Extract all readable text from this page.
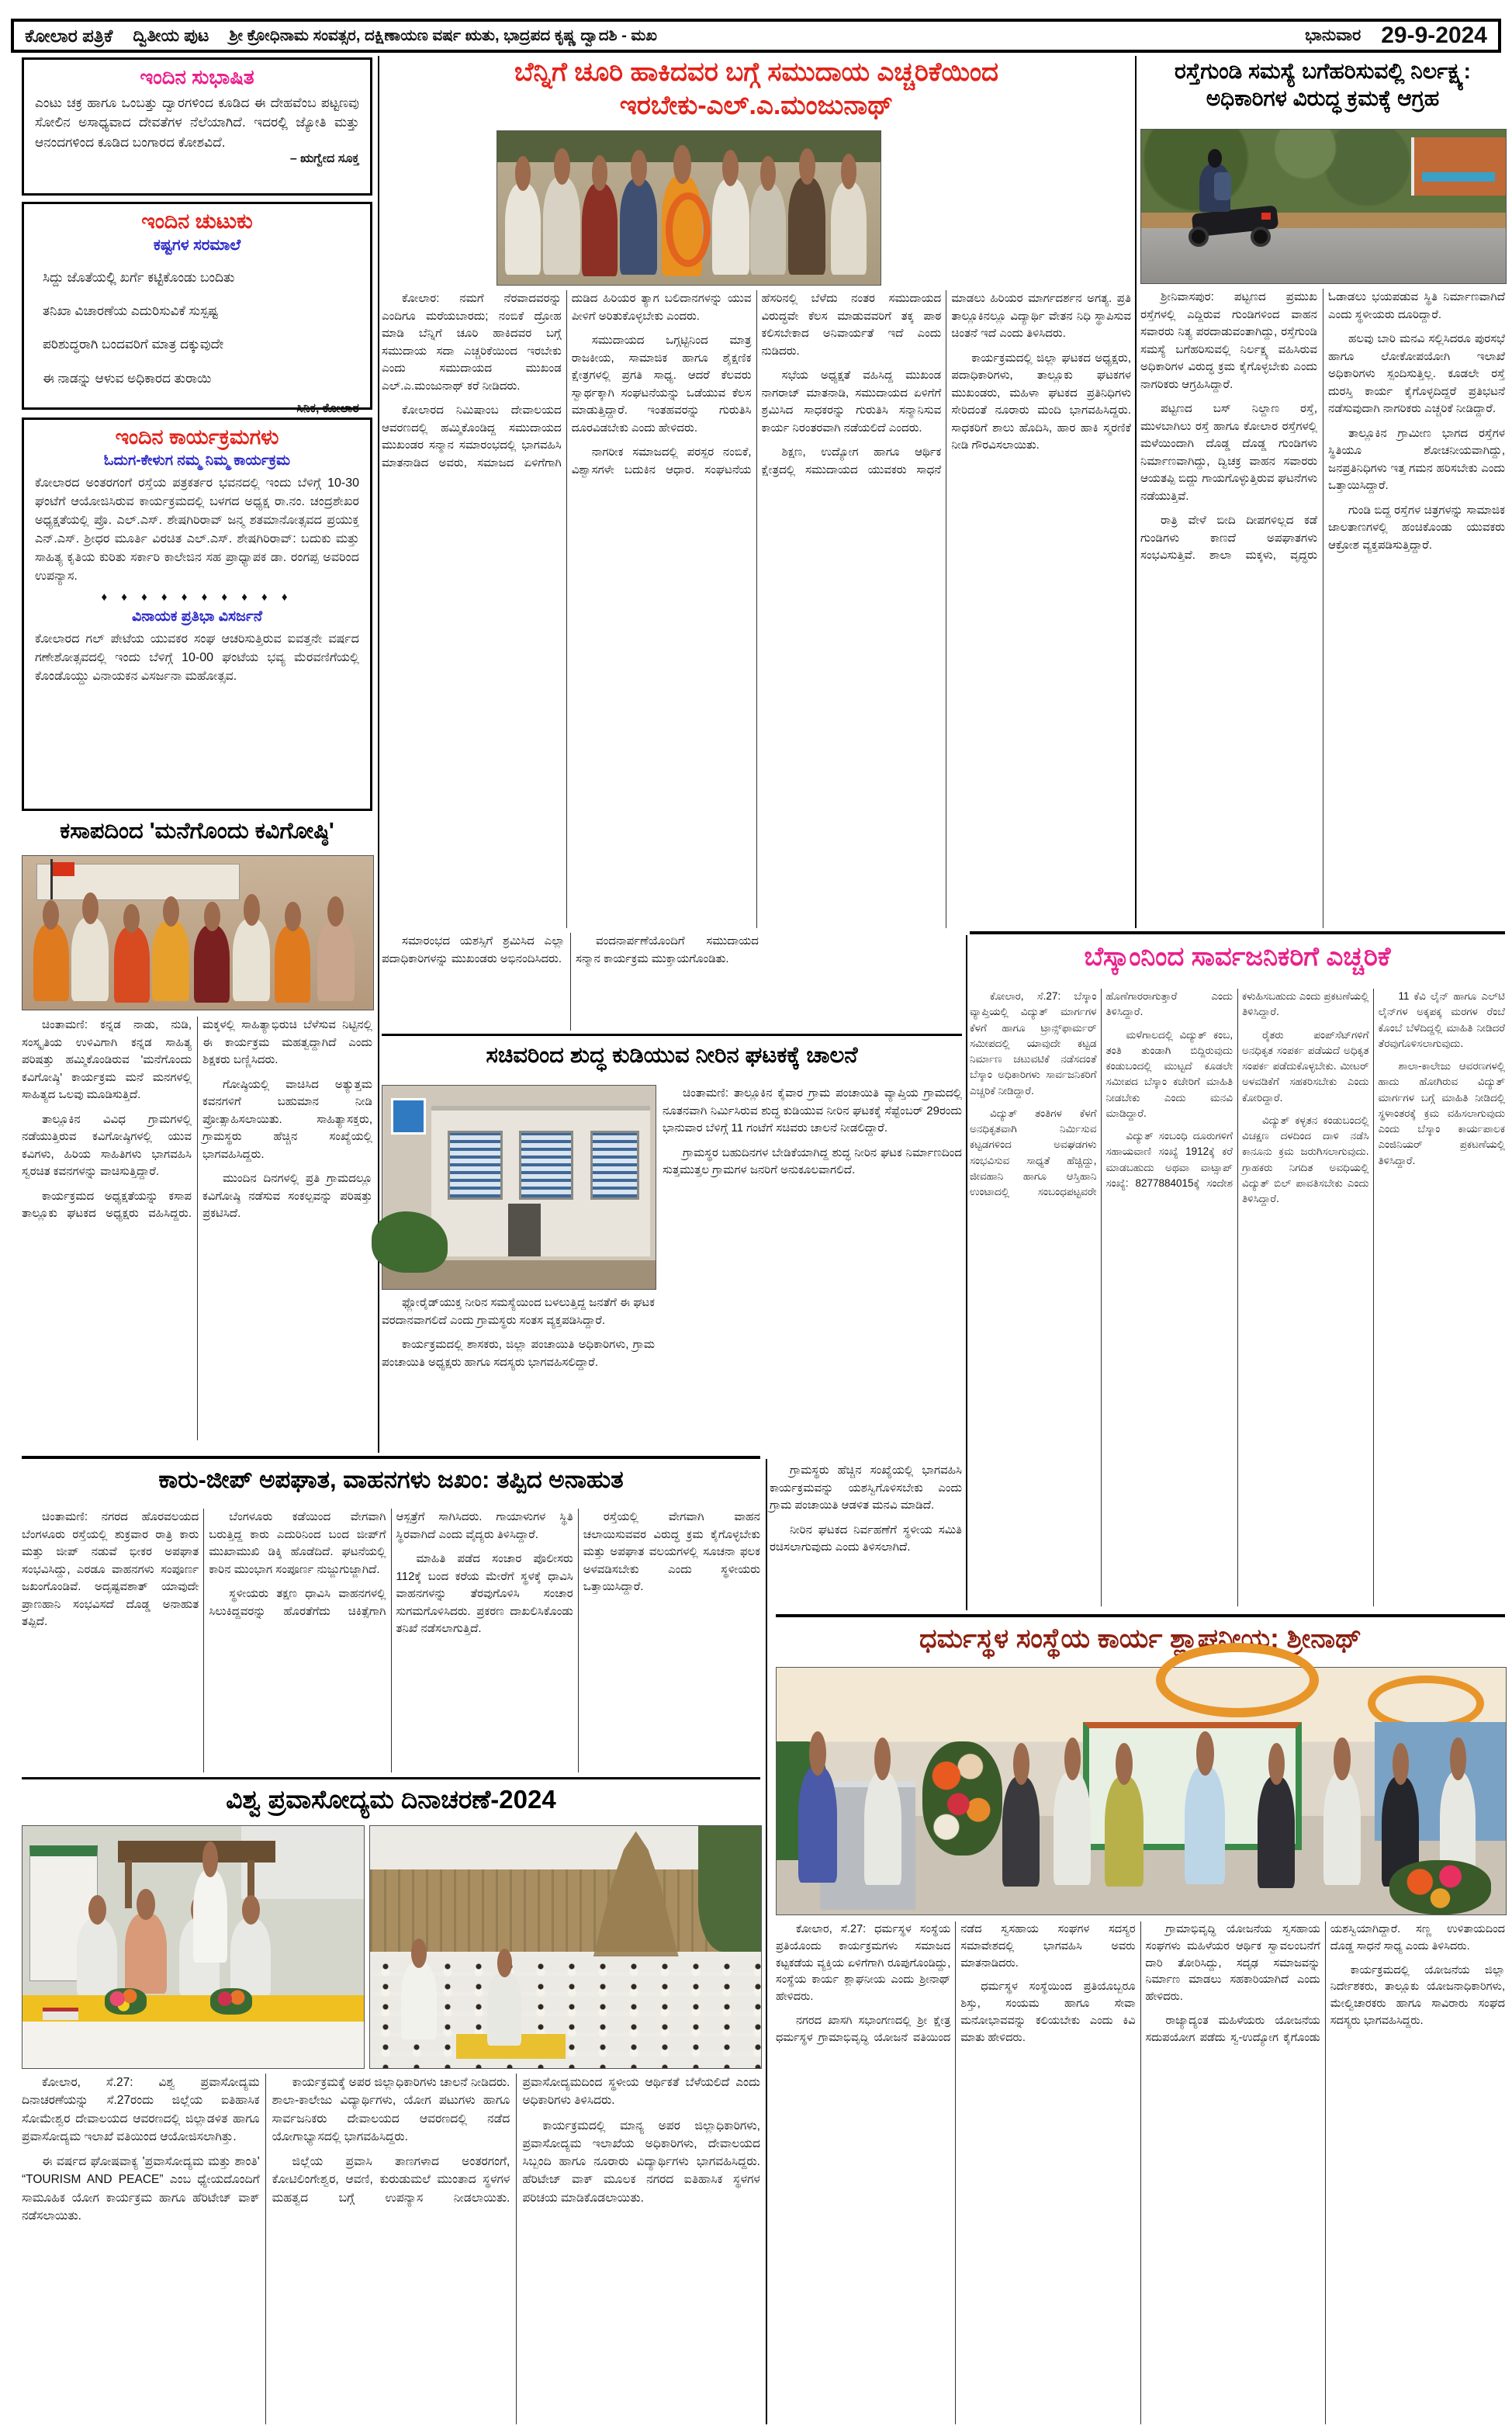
ಕೋಲಾರ ಪತ್ರಿಕೆ ದ್ವಿತೀಯ ಪುಟ ಶ್ರೀ ಕ್ರೋಧಿನಾಮ ಸಂವತ್ಸರ, ದಕ್ಷಿಣಾಯಣ ವರ್ಷ ಋತು, ಭಾದ್ರಪದ ಕೃಷ್ಣ ದ್ವಾದಶಿ - ಮಖ	ಭಾನುವಾರ 29-9-2024
ಇಂದಿನ ಸುಭಾಷಿತ
ಎಂಟು ಚಕ್ರ ಹಾಗೂ ಒಂಬತ್ತು ದ್ವಾರಗಳಿಂದ ಕೂಡಿದ ಈ ದೇಹವೆಂಬ ಪಟ್ಟಣವು ಸೋಲಿನ ಅಸಾಧ್ಯವಾದ ದೇವತೆಗಳ ನೆಲೆಯಾಗಿದೆ. ಇದರಲ್ಲಿ ಜ್ಯೋತಿ ಮತ್ತು ಆನಂದಗಳಿಂದ ಕೂಡಿದ ಬಂಗಾರದ ಕೋಶವಿದೆ.
– ಋಗ್ವೇದ ಸೂಕ್ತ
ಇಂದಿನ ಚುಟುಕು
ಕಷ್ಟಗಳ ಸರಮಾಲೆ

ಸಿದ್ದು ಜೊತೆಯಲ್ಲಿ ಖರ್ಗೆ ಕಟ್ಟಿಕೊಂಡು ಬಂದಿತು

ತನಿಖಾ ವಿಚಾರಣೆಯ ಎದುರಿಸುವಿಕೆ ಸುಸ್ಪಷ್ಟ

ಪರಿಶುದ್ಧರಾಗಿ ಬಂದವರಿಗೆ ಮಾತ್ರ ದಕ್ಕುವುದೇ

ಈ ನಾಡನ್ನು ಆಳುವ ಅಧಿಕಾರದ ತುರಾಯಿ

– ಸಿನಿಕ, ಕೋಲಾರ
ಇಂದಿನ ಕಾರ್ಯಕ್ರಮಗಳು
ಓದುಗ-ಕೇಳುಗ ನಮ್ಮ ನಿಮ್ಮ ಕಾರ್ಯಕ್ರಮ
ಕೋಲಾರದ ಅಂತರಗಂಗೆ ರಸ್ತೆಯ ಪತ್ರಕರ್ತರ ಭವನದಲ್ಲಿ ಇಂದು ಬೆಳಿಗ್ಗೆ 10-30 ಘಂಟೆಗೆ ಆಯೋಜಿಸಿರುವ ಕಾರ್ಯಕ್ರಮದಲ್ಲಿ ಬಳಗದ ಅಧ್ಯಕ್ಷ ರಾ.ನಂ. ಚಂದ್ರಶೇಖರ ಅಧ್ಯಕ್ಷತೆಯಲ್ಲಿ ಪ್ರೊ. ಎಲ್.ಎಸ್. ಶೇಷಗಿರಿರಾವ್ ಜನ್ಮ ಶತಮಾನೋತ್ಸವದ ಪ್ರಯುಕ್ತ ಎನ್.ಎಸ್. ಶ್ರೀಧರ ಮೂರ್ತಿ ವಿರಚಿತ ಎಲ್.ಎಸ್. ಶೇಷಗಿರಿರಾವ್: ಬದುಕು ಮತ್ತು ಸಾಹಿತ್ಯ ಕೃತಿಯ ಕುರಿತು ಸರ್ಕಾರಿ ಕಾಲೇಜಿನ ಸಹ ಪ್ರಾಧ್ಯಾಪಕ ಡಾ. ರಂಗಪ್ಪ ಅವರಿಂದ ಉಪನ್ಯಾಸ.
♦ ♦ ♦ ♦ ♦ ♦ ♦ ♦ ♦ ♦
ವಿನಾಯಕ ಪ್ರತಿಭಾ ವಿಸರ್ಜನೆ
ಕೋಲಾರದ ಗಲ್ ಪೇಟೆಯ ಯುವಕರ ಸಂಘ ಆಚರಿಸುತ್ತಿರುವ ಐವತ್ತನೇ ವರ್ಷದ ಗಣೇಶೋತ್ಸವದಲ್ಲಿ ಇಂದು ಬೆಳಿಗ್ಗೆ 10-00 ಘಂಟೆಯ ಭವ್ಯ ಮೆರವಣಿಗೆಯಲ್ಲಿ ಕೊಂಡೊಯ್ದು ವಿನಾಯಕನ ವಿಸರ್ಜನಾ ಮಹೋತ್ಸವ.
ಕಸಾಪದಿಂದ 'ಮನೆಗೊಂದು ಕವಿಗೋಷ್ಠಿ'

ಚಿಂತಾಮಣಿ: ಕನ್ನಡ ನಾಡು, ನುಡಿ, ಸಂಸ್ಕೃತಿಯ ಉಳಿವಿಗಾಗಿ ಕನ್ನಡ ಸಾಹಿತ್ಯ ಪರಿಷತ್ತು ಹಮ್ಮಿಕೊಂಡಿರುವ 'ಮನೆಗೊಂದು ಕವಿಗೋಷ್ಠಿ' ಕಾರ್ಯಕ್ರಮ ಮನೆ ಮನಗಳಲ್ಲಿ ಸಾಹಿತ್ಯದ ಒಲವು ಮೂಡಿಸುತ್ತಿದೆ.

ತಾಲ್ಲೂಕಿನ ವಿವಿಧ ಗ್ರಾಮಗಳಲ್ಲಿ ನಡೆಯುತ್ತಿರುವ ಕವಿಗೋಷ್ಠಿಗಳಲ್ಲಿ ಯುವ ಕವಿಗಳು, ಹಿರಿಯ ಸಾಹಿತಿಗಳು ಭಾಗವಹಿಸಿ ಸ್ವರಚಿತ ಕವನಗಳನ್ನು ವಾಚಿಸುತ್ತಿದ್ದಾರೆ.

ಕಾರ್ಯಕ್ರಮದ ಅಧ್ಯಕ್ಷತೆಯನ್ನು ಕಸಾಪ ತಾಲ್ಲೂಕು ಘಟಕದ ಅಧ್ಯಕ್ಷರು ವಹಿಸಿದ್ದರು. ಮಕ್ಕಳಲ್ಲಿ ಸಾಹಿತ್ಯಾಭಿರುಚಿ ಬೆಳೆಸುವ ನಿಟ್ಟಿನಲ್ಲಿ ಈ ಕಾರ್ಯಕ್ರಮ ಮಹತ್ವದ್ದಾಗಿದೆ ಎಂದು ಶಿಕ್ಷಕರು ಬಣ್ಣಿಸಿದರು.

ಗೋಷ್ಠಿಯಲ್ಲಿ ವಾಚಿಸಿದ ಅತ್ಯುತ್ತಮ ಕವನಗಳಿಗೆ ಬಹುಮಾನ ನೀಡಿ ಪ್ರೋತ್ಸಾಹಿಸಲಾಯಿತು. ಸಾಹಿತ್ಯಾಸಕ್ತರು, ಗ್ರಾಮಸ್ಥರು ಹೆಚ್ಚಿನ ಸಂಖ್ಯೆಯಲ್ಲಿ ಭಾಗವಹಿಸಿದ್ದರು.

ಮುಂದಿನ ದಿನಗಳಲ್ಲಿ ಪ್ರತಿ ಗ್ರಾಮದಲ್ಲೂ ಕವಿಗೋಷ್ಠಿ ನಡೆಸುವ ಸಂಕಲ್ಪವನ್ನು ಪರಿಷತ್ತು ಪ್ರಕಟಿಸಿದೆ.

ಬೆನ್ನಿಗೆ ಚೂರಿ ಹಾಕಿದವರ ಬಗ್ಗೆ ಸಮುದಾಯ ಎಚ್ಚರಿಕೆಯಿಂದ
ಇರಬೇಕು-ಎಲ್.ಎ.ಮಂಜುನಾಥ್

ಕೋಲಾರ: ನಮಗೆ ನೆರವಾದವರನ್ನು ಎಂದಿಗೂ ಮರೆಯಬಾರದು; ನಂಬಿಕೆ ದ್ರೋಹ ಮಾಡಿ ಬೆನ್ನಿಗೆ ಚೂರಿ ಹಾಕಿದವರ ಬಗ್ಗೆ ಸಮುದಾಯ ಸದಾ ಎಚ್ಚರಿಕೆಯಿಂದ ಇರಬೇಕು ಎಂದು ಸಮುದಾಯದ ಮುಖಂಡ ಎಲ್.ಎ.ಮಂಜುನಾಥ್ ಕರೆ ನೀಡಿದರು.

ಕೋಲಾರದ ನಿಮಿಷಾಂಬ ದೇವಾಲಯದ ಆವರಣದಲ್ಲಿ ಹಮ್ಮಿಕೊಂಡಿದ್ದ ಸಮುದಾಯದ ಮುಖಂಡರ ಸನ್ಮಾನ ಸಮಾರಂಭದಲ್ಲಿ ಭಾಗವಹಿಸಿ ಮಾತನಾಡಿದ ಅವರು, ಸಮಾಜದ ಏಳಿಗೆಗಾಗಿ ದುಡಿದ ಹಿರಿಯರ ತ್ಯಾಗ ಬಲಿದಾನಗಳನ್ನು ಯುವ ಪೀಳಿಗೆ ಅರಿತುಕೊಳ್ಳಬೇಕು ಎಂದರು.

ಸಮುದಾಯದ ಒಗ್ಗಟ್ಟಿನಿಂದ ಮಾತ್ರ ರಾಜಕೀಯ, ಸಾಮಾಜಿಕ ಹಾಗೂ ಶೈಕ್ಷಣಿಕ ಕ್ಷೇತ್ರಗಳಲ್ಲಿ ಪ್ರಗತಿ ಸಾಧ್ಯ. ಆದರೆ ಕೆಲವರು ಸ್ವಾರ್ಥಕ್ಕಾಗಿ ಸಂಘಟನೆಯನ್ನು ಒಡೆಯುವ ಕೆಲಸ ಮಾಡುತ್ತಿದ್ದಾರೆ. ಇಂತಹವರನ್ನು ಗುರುತಿಸಿ ದೂರವಿಡಬೇಕು ಎಂದು ಹೇಳಿದರು.

ನಾಗರೀಕ ಸಮಾಜದಲ್ಲಿ ಪರಸ್ಪರ ನಂಬಿಕೆ, ವಿಶ್ವಾಸಗಳೇ ಬದುಕಿನ ಆಧಾರ. ಸಂಘಟನೆಯ ಹೆಸರಿನಲ್ಲಿ ಬೆಳೆದು ನಂತರ ಸಮುದಾಯದ ವಿರುದ್ಧವೇ ಕೆಲಸ ಮಾಡುವವರಿಗೆ ತಕ್ಕ ಪಾಠ ಕಲಿಸಬೇಕಾದ ಅನಿವಾರ್ಯತೆ ಇದೆ ಎಂದು ನುಡಿದರು.

ಸಭೆಯ ಅಧ್ಯಕ್ಷತೆ ವಹಿಸಿದ್ದ ಮುಖಂಡ ನಾಗರಾಜ್ ಮಾತನಾಡಿ, ಸಮುದಾಯದ ಏಳಿಗೆಗೆ ಶ್ರಮಿಸಿದ ಸಾಧಕರನ್ನು ಗುರುತಿಸಿ ಸನ್ಮಾನಿಸುವ ಕಾರ್ಯ ನಿರಂತರವಾಗಿ ನಡೆಯಲಿದೆ ಎಂದರು.

ಶಿಕ್ಷಣ, ಉದ್ಯೋಗ ಹಾಗೂ ಆರ್ಥಿಕ ಕ್ಷೇತ್ರದಲ್ಲಿ ಸಮುದಾಯದ ಯುವಕರು ಸಾಧನೆ ಮಾಡಲು ಹಿರಿಯರ ಮಾರ್ಗದರ್ಶನ ಅಗತ್ಯ. ಪ್ರತಿ ತಾಲ್ಲೂಕಿನಲ್ಲೂ ವಿದ್ಯಾರ್ಥಿ ವೇತನ ನಿಧಿ ಸ್ಥಾಪಿಸುವ ಚಿಂತನೆ ಇದೆ ಎಂದು ತಿಳಿಸಿದರು.

ಕಾರ್ಯಕ್ರಮದಲ್ಲಿ ಜಿಲ್ಲಾ ಘಟಕದ ಅಧ್ಯಕ್ಷರು, ಪದಾಧಿಕಾರಿಗಳು, ತಾಲ್ಲೂಕು ಘಟಕಗಳ ಮುಖಂಡರು, ಮಹಿಳಾ ಘಟಕದ ಪ್ರತಿನಿಧಿಗಳು ಸೇರಿದಂತೆ ನೂರಾರು ಮಂದಿ ಭಾಗವಹಿಸಿದ್ದರು. ಸಾಧಕರಿಗೆ ಶಾಲು ಹೊದಿಸಿ, ಹಾರ ಹಾಕಿ ಸ್ಮರಣಿಕೆ ನೀಡಿ ಗೌರವಿಸಲಾಯಿತು.

ಸಮಾರಂಭದ ಯಶಸ್ಸಿಗೆ ಶ್ರಮಿಸಿದ ಎಲ್ಲಾ ಪದಾಧಿಕಾರಿಗಳನ್ನು ಮುಖಂಡರು ಅಭಿನಂದಿಸಿದರು.

ವಂದನಾರ್ಪಣೆಯೊಂದಿಗೆ ಸಮುದಾಯದ ಸನ್ಮಾನ ಕಾರ್ಯಕ್ರಮ ಮುಕ್ತಾಯಗೊಂಡಿತು.

ರಸ್ತೆಗುಂಡಿ ಸಮಸ್ಯೆ ಬಗೆಹರಿಸುವಲ್ಲಿ ನಿರ್ಲಕ್ಷ್ಯ:
ಅಧಿಕಾರಿಗಳ ವಿರುದ್ಧ ಕ್ರಮಕ್ಕೆ ಆಗ್ರಹ

ಶ್ರೀನಿವಾಸಪುರ: ಪಟ್ಟಣದ ಪ್ರಮುಖ ರಸ್ತೆಗಳಲ್ಲಿ ಎದ್ದಿರುವ ಗುಂಡಿಗಳಿಂದ ವಾಹನ ಸವಾರರು ನಿತ್ಯ ಪರದಾಡುವಂತಾಗಿದ್ದು, ರಸ್ತೆಗುಂಡಿ ಸಮಸ್ಯೆ ಬಗೆಹರಿಸುವಲ್ಲಿ ನಿರ್ಲಕ್ಷ್ಯ ವಹಿಸಿರುವ ಅಧಿಕಾರಿಗಳ ವಿರುದ್ಧ ಕ್ರಮ ಕೈಗೊಳ್ಳಬೇಕು ಎಂದು ನಾಗರಿಕರು ಆಗ್ರಹಿಸಿದ್ದಾರೆ.

ಪಟ್ಟಣದ ಬಸ್ ನಿಲ್ದಾಣ ರಸ್ತೆ, ಮುಳಬಾಗಿಲು ರಸ್ತೆ ಹಾಗೂ ಕೋಲಾರ ರಸ್ತೆಗಳಲ್ಲಿ ಮಳೆಯಿಂದಾಗಿ ದೊಡ್ಡ ದೊಡ್ಡ ಗುಂಡಿಗಳು ನಿರ್ಮಾಣವಾಗಿದ್ದು, ದ್ವಿಚಕ್ರ ವಾಹನ ಸವಾರರು ಆಯತಪ್ಪಿ ಬಿದ್ದು ಗಾಯಗೊಳ್ಳುತ್ತಿರುವ ಘಟನೆಗಳು ನಡೆಯುತ್ತಿವೆ.

ರಾತ್ರಿ ವೇಳೆ ಬೀದಿ ದೀಪಗಳಿಲ್ಲದ ಕಡೆ ಗುಂಡಿಗಳು ಕಾಣದೆ ಅಪಘಾತಗಳು ಸಂಭವಿಸುತ್ತಿವೆ. ಶಾಲಾ ಮಕ್ಕಳು, ವೃದ್ಧರು ಓಡಾಡಲು ಭಯಪಡುವ ಸ್ಥಿತಿ ನಿರ್ಮಾಣವಾಗಿದೆ ಎಂದು ಸ್ಥಳೀಯರು ದೂರಿದ್ದಾರೆ.

ಹಲವು ಬಾರಿ ಮನವಿ ಸಲ್ಲಿಸಿದರೂ ಪುರಸಭೆ ಹಾಗೂ ಲೋಕೋಪಯೋಗಿ ಇಲಾಖೆ ಅಧಿಕಾರಿಗಳು ಸ್ಪಂದಿಸುತ್ತಿಲ್ಲ. ಕೂಡಲೇ ರಸ್ತೆ ದುರಸ್ತಿ ಕಾರ್ಯ ಕೈಗೊಳ್ಳದಿದ್ದರೆ ಪ್ರತಿಭಟನೆ ನಡೆಸುವುದಾಗಿ ನಾಗರಿಕರು ಎಚ್ಚರಿಕೆ ನೀಡಿದ್ದಾರೆ.

ತಾಲ್ಲೂಕಿನ ಗ್ರಾಮೀಣ ಭಾಗದ ರಸ್ತೆಗಳ ಸ್ಥಿತಿಯೂ ಶೋಚನೀಯವಾಗಿದ್ದು, ಜನಪ್ರತಿನಿಧಿಗಳು ಇತ್ತ ಗಮನ ಹರಿಸಬೇಕು ಎಂದು ಒತ್ತಾಯಿಸಿದ್ದಾರೆ.

ಗುಂಡಿ ಬಿದ್ದ ರಸ್ತೆಗಳ ಚಿತ್ರಗಳನ್ನು ಸಾಮಾಜಿಕ ಜಾಲತಾಣಗಳಲ್ಲಿ ಹಂಚಿಕೊಂಡು ಯುವಕರು ಆಕ್ರೋಶ ವ್ಯಕ್ತಪಡಿಸುತ್ತಿದ್ದಾರೆ.

ಸಚಿವರಿಂದ ಶುದ್ಧ ಕುಡಿಯುವ ನೀರಿನ ಘಟಕಕ್ಕೆ ಚಾಲನೆ

ಚಿಂತಾಮಣಿ: ತಾಲ್ಲೂಕಿನ ಕೈವಾರ ಗ್ರಾಮ ಪಂಚಾಯಿತಿ ವ್ಯಾಪ್ತಿಯ ಗ್ರಾಮದಲ್ಲಿ ನೂತನವಾಗಿ ನಿರ್ಮಿಸಿರುವ ಶುದ್ಧ ಕುಡಿಯುವ ನೀರಿನ ಘಟಕಕ್ಕೆ ಸೆಪ್ಟೆಂಬರ್ 29ರಂದು ಭಾನುವಾರ ಬೆಳಿಗ್ಗೆ 11 ಗಂಟೆಗೆ ಸಚಿವರು ಚಾಲನೆ ನೀಡಲಿದ್ದಾರೆ.

ಗ್ರಾಮಸ್ಥರ ಬಹುದಿನಗಳ ಬೇಡಿಕೆಯಾಗಿದ್ದ ಶುದ್ಧ ನೀರಿನ ಘಟಕ ನಿರ್ಮಾಣದಿಂದ ಸುತ್ತಮುತ್ತಲ ಗ್ರಾಮಗಳ ಜನರಿಗೆ ಅನುಕೂಲವಾಗಲಿದೆ.

ಫ್ಲೋರೈಡ್‌ಯುಕ್ತ ನೀರಿನ ಸಮಸ್ಯೆಯಿಂದ ಬಳಲುತ್ತಿದ್ದ ಜನತೆಗೆ ಈ ಘಟಕ ವರದಾನವಾಗಲಿದೆ ಎಂದು ಗ್ರಾಮಸ್ಥರು ಸಂತಸ ವ್ಯಕ್ತಪಡಿಸಿದ್ದಾರೆ.

ಕಾರ್ಯಕ್ರಮದಲ್ಲಿ ಶಾಸಕರು, ಜಿಲ್ಲಾ ಪಂಚಾಯಿತಿ ಅಧಿಕಾರಿಗಳು, ಗ್ರಾಮ ಪಂಚಾಯಿತಿ ಅಧ್ಯಕ್ಷರು ಹಾಗೂ ಸದಸ್ಯರು ಭಾಗವಹಿಸಲಿದ್ದಾರೆ.

ಗ್ರಾಮಸ್ಥರು ಹೆಚ್ಚಿನ ಸಂಖ್ಯೆಯಲ್ಲಿ ಭಾಗವಹಿಸಿ ಕಾರ್ಯಕ್ರಮವನ್ನು ಯಶಸ್ವಿಗೊಳಿಸಬೇಕು ಎಂದು ಗ್ರಾಮ ಪಂಚಾಯಿತಿ ಆಡಳಿತ ಮನವಿ ಮಾಡಿದೆ.

ನೀರಿನ ಘಟಕದ ನಿರ್ವಹಣೆಗೆ ಸ್ಥಳೀಯ ಸಮಿತಿ ರಚಿಸಲಾಗುವುದು ಎಂದು ತಿಳಿಸಲಾಗಿದೆ.

ಬೆಸ್ಕಾಂನಿಂದ ಸಾರ್ವಜನಿಕರಿಗೆ ಎಚ್ಚರಿಕೆ

ಕೋಲಾರ, ಸೆ.27: ಬೆಸ್ಕಾಂ ವ್ಯಾಪ್ತಿಯಲ್ಲಿ ವಿದ್ಯುತ್ ಮಾರ್ಗಗಳ ಕೆಳಗೆ ಹಾಗೂ ಟ್ರಾನ್ಸ್‌ಫಾರ್ಮರ್ ಸಮೀಪದಲ್ಲಿ ಯಾವುದೇ ಕಟ್ಟಡ ನಿರ್ಮಾಣ ಚಟುವಟಿಕೆ ನಡೆಸದಂತೆ ಬೆಸ್ಕಾಂ ಅಧಿಕಾರಿಗಳು ಸಾರ್ವಜನಿಕರಿಗೆ ಎಚ್ಚರಿಕೆ ನೀಡಿದ್ದಾರೆ.

ವಿದ್ಯುತ್ ತಂತಿಗಳ ಕೆಳಗೆ ಅನಧಿಕೃತವಾಗಿ ನಿರ್ಮಿಸುವ ಕಟ್ಟಡಗಳಿಂದ ಅವಘಡಗಳು ಸಂಭವಿಸುವ ಸಾಧ್ಯತೆ ಹೆಚ್ಚಿದ್ದು, ಜೀವಹಾನಿ ಹಾಗೂ ಆಸ್ತಿಹಾನಿ ಉಂಟಾದಲ್ಲಿ ಸಂಬಂಧಪಟ್ಟವರೇ ಹೊಣೆಗಾರರಾಗುತ್ತಾರೆ ಎಂದು ತಿಳಿಸಿದ್ದಾರೆ.

ಮಳೆಗಾಲದಲ್ಲಿ ವಿದ್ಯುತ್ ಕಂಬ, ತಂತಿ ತುಂಡಾಗಿ ಬಿದ್ದಿರುವುದು ಕಂಡುಬಂದಲ್ಲಿ ಮುಟ್ಟದೆ ಕೂಡಲೇ ಸಮೀಪದ ಬೆಸ್ಕಾಂ ಕಚೇರಿಗೆ ಮಾಹಿತಿ ನೀಡಬೇಕು ಎಂದು ಮನವಿ ಮಾಡಿದ್ದಾರೆ.

ವಿದ್ಯುತ್ ಸಂಬಂಧಿ ದೂರುಗಳಿಗೆ ಸಹಾಯವಾಣಿ ಸಂಖ್ಯೆ 1912ಕ್ಕೆ ಕರೆ ಮಾಡಬಹುದು ಅಥವಾ ವಾಟ್ಸಾಪ್ ಸಂಖ್ಯೆ: 8277884015ಕ್ಕೆ ಸಂದೇಶ ಕಳುಹಿಸಬಹುದು ಎಂದು ಪ್ರಕಟಣೆಯಲ್ಲಿ ತಿಳಿಸಿದ್ದಾರೆ.

ರೈತರು ಪಂಪ್‌ಸೆಟ್‌ಗಳಿಗೆ ಅನಧಿಕೃತ ಸಂಪರ್ಕ ಪಡೆಯದೆ ಅಧಿಕೃತ ಸಂಪರ್ಕ ಪಡೆದುಕೊಳ್ಳಬೇಕು. ಮೀಟರ್ ಅಳವಡಿಕೆಗೆ ಸಹಕರಿಸಬೇಕು ಎಂದು ಕೋರಿದ್ದಾರೆ.

ವಿದ್ಯುತ್ ಕಳ್ಳತನ ಕಂಡುಬಂದಲ್ಲಿ ವಿಚಕ್ಷಣ ದಳದಿಂದ ದಾಳಿ ನಡೆಸಿ ಕಾನೂನು ಕ್ರಮ ಜರುಗಿಸಲಾಗುವುದು. ಗ್ರಾಹಕರು ನಿಗದಿತ ಅವಧಿಯಲ್ಲಿ ವಿದ್ಯುತ್ ಬಿಲ್ ಪಾವತಿಸಬೇಕು ಎಂದು ತಿಳಿಸಿದ್ದಾರೆ.

11 ಕೆವಿ ಲೈನ್ ಹಾಗೂ ಎಲ್‌ಟಿ ಲೈನ್‌ಗಳ ಅಕ್ಕಪಕ್ಕ ಮರಗಳ ರೆಂಬೆ ಕೊಂಬೆ ಬೆಳೆದಿದ್ದಲ್ಲಿ ಮಾಹಿತಿ ನೀಡಿದರೆ ತೆರವುಗೊಳಿಸಲಾಗುವುದು.

ಶಾಲಾ-ಕಾಲೇಜು ಆವರಣಗಳಲ್ಲಿ ಹಾದು ಹೋಗಿರುವ ವಿದ್ಯುತ್ ಮಾರ್ಗಗಳ ಬಗ್ಗೆ ಮಾಹಿತಿ ನೀಡಿದಲ್ಲಿ ಸ್ಥಳಾಂತರಕ್ಕೆ ಕ್ರಮ ವಹಿಸಲಾಗುವುದು ಎಂದು ಬೆಸ್ಕಾಂ ಕಾರ್ಯಪಾಲಕ ಎಂಜಿನಿಯರ್ ಪ್ರಕಟಣೆಯಲ್ಲಿ ತಿಳಿಸಿದ್ದಾರೆ.

ಕಾರು-ಜೀಪ್ ಅಪಘಾತ, ವಾಹನಗಳು ಜಖಂ: ತಪ್ಪಿದ ಅನಾಹುತ

ಚಿಂತಾಮಣಿ: ನಗರದ ಹೊರವಲಯದ ಬೆಂಗಳೂರು ರಸ್ತೆಯಲ್ಲಿ ಶುಕ್ರವಾರ ರಾತ್ರಿ ಕಾರು ಮತ್ತು ಜೀಪ್ ನಡುವೆ ಭೀಕರ ಅಪಘಾತ ಸಂಭವಿಸಿದ್ದು, ಎರಡೂ ವಾಹನಗಳು ಸಂಪೂರ್ಣ ಜಖಂಗೊಂಡಿವೆ. ಅದೃಷ್ಟವಶಾತ್ ಯಾವುದೇ ಪ್ರಾಣಹಾನಿ ಸಂಭವಿಸದೆ ದೊಡ್ಡ ಅನಾಹುತ ತಪ್ಪಿದೆ.

ಬೆಂಗಳೂರು ಕಡೆಯಿಂದ ವೇಗವಾಗಿ ಬರುತ್ತಿದ್ದ ಕಾರು ಎದುರಿನಿಂದ ಬಂದ ಜೀಪ್‌ಗೆ ಮುಖಾಮುಖಿ ಡಿಕ್ಕಿ ಹೊಡೆದಿದೆ. ಘಟನೆಯಲ್ಲಿ ಕಾರಿನ ಮುಂಭಾಗ ಸಂಪೂರ್ಣ ನುಜ್ಜುಗುಜ್ಜಾಗಿದೆ.

ಸ್ಥಳೀಯರು ತಕ್ಷಣ ಧಾವಿಸಿ ವಾಹನಗಳಲ್ಲಿ ಸಿಲುಕಿದ್ದವರನ್ನು ಹೊರತೆಗೆದು ಚಿಕಿತ್ಸೆಗಾಗಿ ಆಸ್ಪತ್ರೆಗೆ ಸಾಗಿಸಿದರು. ಗಾಯಾಳುಗಳ ಸ್ಥಿತಿ ಸ್ಥಿರವಾಗಿದೆ ಎಂದು ವೈದ್ಯರು ತಿಳಿಸಿದ್ದಾರೆ.

ಮಾಹಿತಿ ಪಡೆದ ಸಂಚಾರ ಪೊಲೀಸರು 112ಕ್ಕೆ ಬಂದ ಕರೆಯ ಮೇರೆಗೆ ಸ್ಥಳಕ್ಕೆ ಧಾವಿಸಿ ವಾಹನಗಳನ್ನು ತೆರವುಗೊಳಿಸಿ ಸಂಚಾರ ಸುಗಮಗೊಳಿಸಿದರು. ಪ್ರಕರಣ ದಾಖಲಿಸಿಕೊಂಡು ತನಿಖೆ ನಡೆಸಲಾಗುತ್ತಿದೆ.

ರಸ್ತೆಯಲ್ಲಿ ವೇಗವಾಗಿ ವಾಹನ ಚಲಾಯಿಸುವವರ ವಿರುದ್ಧ ಕ್ರಮ ಕೈಗೊಳ್ಳಬೇಕು ಮತ್ತು ಅಪಘಾತ ವಲಯಗಳಲ್ಲಿ ಸೂಚನಾ ಫಲಕ ಅಳವಡಿಸಬೇಕು ಎಂದು ಸ್ಥಳೀಯರು ಒತ್ತಾಯಿಸಿದ್ದಾರೆ.

ವಿಶ್ವ ಪ್ರವಾಸೋದ್ಯಮ ದಿನಾಚರಣೆ-2024

ಕೋಲಾರ, ಸೆ.27: ವಿಶ್ವ ಪ್ರವಾಸೋದ್ಯಮ ದಿನಾಚರಣೆಯನ್ನು ಸೆ.27ರಂದು ಜಿಲ್ಲೆಯ ಐತಿಹಾಸಿಕ ಸೋಮೇಶ್ವರ ದೇವಾಲಯದ ಆವರಣದಲ್ಲಿ ಜಿಲ್ಲಾಡಳಿತ ಹಾಗೂ ಪ್ರವಾಸೋದ್ಯಮ ಇಲಾಖೆ ವತಿಯಿಂದ ಆಯೋಜಿಸಲಾಗಿತ್ತು.

ಈ ವರ್ಷದ ಘೋಷವಾಕ್ಯ 'ಪ್ರವಾಸೋದ್ಯಮ ಮತ್ತು ಶಾಂತಿ' “TOURISM AND PEACE” ಎಂಬ ಧ್ಯೇಯದೊಂದಿಗೆ ಸಾಮೂಹಿಕ ಯೋಗ ಕಾರ್ಯಕ್ರಮ ಹಾಗೂ ಹೆರಿಟೇಜ್ ವಾಕ್ ನಡೆಸಲಾಯಿತು.

ಕಾರ್ಯಕ್ರಮಕ್ಕೆ ಅಪರ ಜಿಲ್ಲಾಧಿಕಾರಿಗಳು ಚಾಲನೆ ನೀಡಿದರು. ಶಾಲಾ-ಕಾಲೇಜು ವಿದ್ಯಾರ್ಥಿಗಳು, ಯೋಗ ಪಟುಗಳು ಹಾಗೂ ಸಾರ್ವಜನಿಕರು ದೇವಾಲಯದ ಆವರಣದಲ್ಲಿ ನಡೆದ ಯೋಗಾಭ್ಯಾಸದಲ್ಲಿ ಭಾಗವಹಿಸಿದ್ದರು.

ಜಿಲ್ಲೆಯ ಪ್ರವಾಸಿ ತಾಣಗಳಾದ ಅಂತರಗಂಗೆ, ಕೋಟಿಲಿಂಗೇಶ್ವರ, ಆವಣಿ, ಕುರುಡುಮಲೆ ಮುಂತಾದ ಸ್ಥಳಗಳ ಮಹತ್ವದ ಬಗ್ಗೆ ಉಪನ್ಯಾಸ ನೀಡಲಾಯಿತು. ಪ್ರವಾಸೋದ್ಯಮದಿಂದ ಸ್ಥಳೀಯ ಆರ್ಥಿಕತೆ ಬೆಳೆಯಲಿದೆ ಎಂದು ಅಧಿಕಾರಿಗಳು ತಿಳಿಸಿದರು.

ಕಾರ್ಯಕ್ರಮದಲ್ಲಿ ಮಾನ್ಯ ಅಪರ ಜಿಲ್ಲಾಧಿಕಾರಿಗಳು, ಪ್ರವಾಸೋದ್ಯಮ ಇಲಾಖೆಯ ಅಧಿಕಾರಿಗಳು, ದೇವಾಲಯದ ಸಿಬ್ಬಂದಿ ಹಾಗೂ ನೂರಾರು ವಿದ್ಯಾರ್ಥಿಗಳು ಭಾಗವಹಿಸಿದ್ದರು. ಹೆರಿಟೇಜ್ ವಾಕ್ ಮೂಲಕ ನಗರದ ಐತಿಹಾಸಿಕ ಸ್ಥಳಗಳ ಪರಿಚಯ ಮಾಡಿಕೊಡಲಾಯಿತು.

ಧರ್ಮಸ್ಥಳ ಸಂಸ್ಥೆಯ ಕಾರ್ಯ ಶ್ಲಾಘನೀಯ: ಶ್ರೀನಾಥ್

ಕೋಲಾರ, ಸೆ.27: ಧರ್ಮಸ್ಥಳ ಸಂಸ್ಥೆಯ ಪ್ರತಿಯೊಂದು ಕಾರ್ಯಕ್ರಮಗಳು ಸಮಾಜದ ಕಟ್ಟಕಡೆಯ ವ್ಯಕ್ತಿಯ ಏಳಿಗೆಗಾಗಿ ರೂಪುಗೊಂಡಿದ್ದು, ಸಂಸ್ಥೆಯ ಕಾರ್ಯ ಶ್ಲಾಘನೀಯ ಎಂದು ಶ್ರೀನಾಥ್ ಹೇಳಿದರು.

ನಗರದ ಖಾಸಗಿ ಸಭಾಂಗಣದಲ್ಲಿ ಶ್ರೀ ಕ್ಷೇತ್ರ ಧರ್ಮಸ್ಥಳ ಗ್ರಾಮಾಭಿವೃದ್ಧಿ ಯೋಜನೆ ವತಿಯಿಂದ ನಡೆದ ಸ್ವಸಹಾಯ ಸಂಘಗಳ ಸದಸ್ಯರ ಸಮಾವೇಶದಲ್ಲಿ ಭಾಗವಹಿಸಿ ಅವರು ಮಾತನಾಡಿದರು.

ಧರ್ಮಸ್ಥಳ ಸಂಸ್ಥೆಯಿಂದ ಪ್ರತಿಯೊಬ್ಬರೂ ಶಿಸ್ತು, ಸಂಯಮ ಹಾಗೂ ಸೇವಾ ಮನೋಭಾವವನ್ನು ಕಲಿಯಬೇಕು ಎಂದು ಕಿವಿ ಮಾತು ಹೇಳಿದರು.

ಗ್ರಾಮಾಭಿವೃದ್ಧಿ ಯೋಜನೆಯ ಸ್ವಸಹಾಯ ಸಂಘಗಳು ಮಹಿಳೆಯರ ಆರ್ಥಿಕ ಸ್ವಾವಲಂಬನೆಗೆ ದಾರಿ ತೋರಿಸಿದ್ದು, ಸದೃಢ ಸಮಾಜವನ್ನು ನಿರ್ಮಾಣ ಮಾಡಲು ಸಹಕಾರಿಯಾಗಿದೆ ಎಂದು ಹೇಳಿದರು.

ರಾಜ್ಯಾದ್ಯಂತ ಮಹಿಳೆಯರು ಯೋಜನೆಯ ಸದುಪಯೋಗ ಪಡೆದು ಸ್ವ-ಉದ್ಯೋಗ ಕೈಗೊಂಡು ಯಶಸ್ವಿಯಾಗಿದ್ದಾರೆ. ಸಣ್ಣ ಉಳಿತಾಯದಿಂದ ದೊಡ್ಡ ಸಾಧನೆ ಸಾಧ್ಯ ಎಂದು ತಿಳಿಸಿದರು.

ಕಾರ್ಯಕ್ರಮದಲ್ಲಿ ಯೋಜನೆಯ ಜಿಲ್ಲಾ ನಿರ್ದೇಶಕರು, ತಾಲ್ಲೂಕು ಯೋಜನಾಧಿಕಾರಿಗಳು, ಮೇಲ್ವಿಚಾರಕರು ಹಾಗೂ ಸಾವಿರಾರು ಸಂಘದ ಸದಸ್ಯರು ಭಾಗವಹಿಸಿದ್ದರು.
